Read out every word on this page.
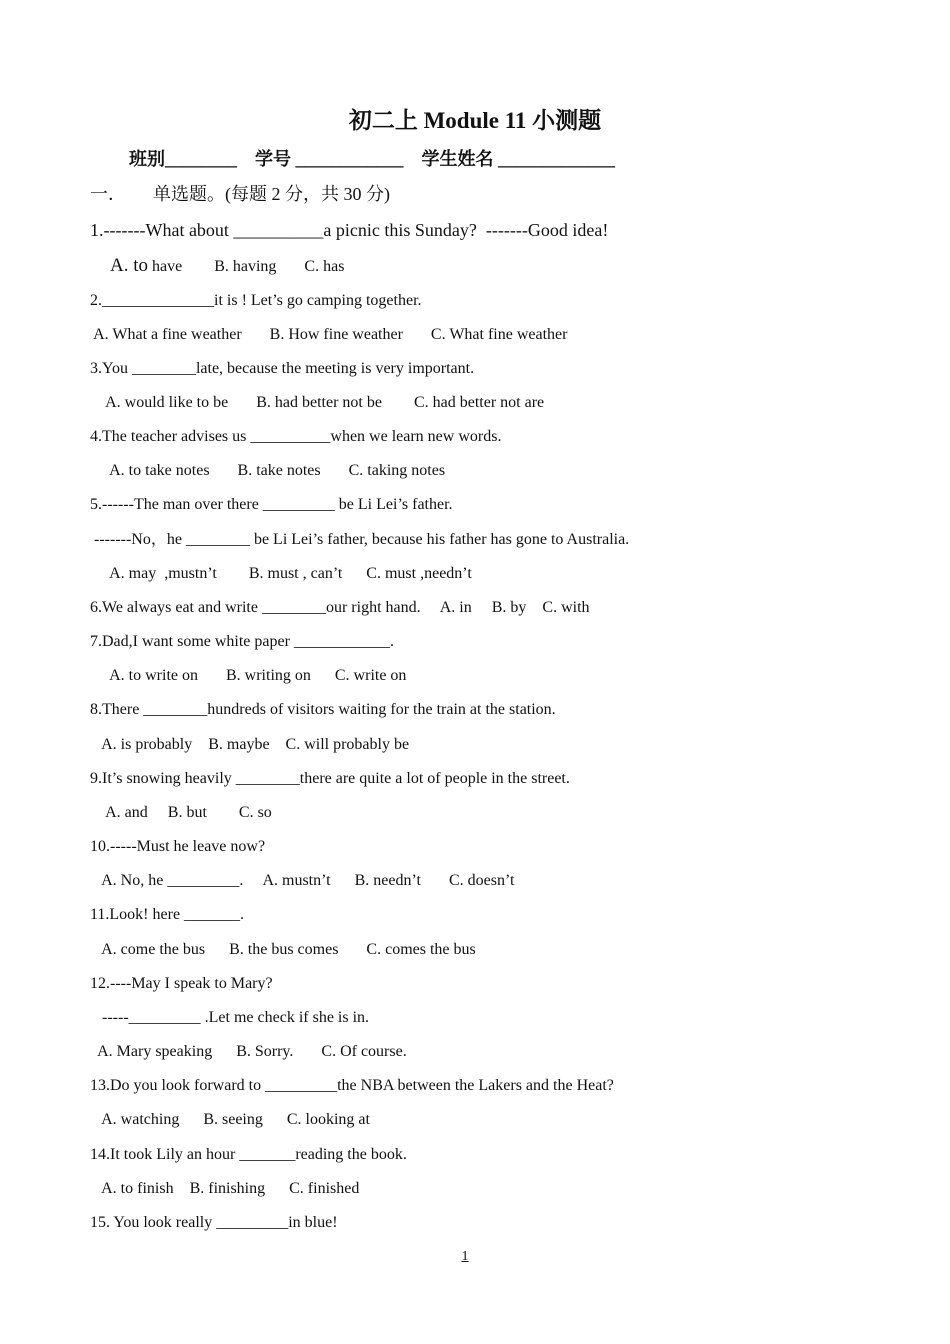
初二上 Module 11 小测题
班别________ 学号 ____________ 学生姓名 _____________
一．　　单选题。(每题 2 分，共 30 分)
1.-------What about __________a picnic this Sunday?  -------Good idea!
A. to have        B. having       C. has
2.______________it is ! Let’s go camping together.
A. What a fine weather       B. How fine weather       C. What fine weather
3.You ________late, because the meeting is very important.
A. would like to be       B. had better not be        C. had better not are
4.The teacher advises us __________when we learn new words.
A. to take notes       B. take notes       C. taking notes
5.------The man over there _________ be Li Lei’s father.
-------No，he ________ be Li Lei’s father, because his father has gone to Australia.
A. may  ,mustn’t        B. must , can’t      C. must ,needn’t
6.We always eat and write ________our right hand.     A. in     B. by    C. with
7.Dad,I want some white paper ____________.
A. to write on       B. writing on      C. write on
8.There ________hundreds of visitors waiting for the train at the station.
A. is probably    B. maybe    C. will probably be
9.It’s snowing heavily ________there are quite a lot of people in the street.
A. and     B. but        C. so
10.-----Must he leave now?
A. No, he _________.     A. mustn’t      B. needn’t       C. doesn’t
11.Look! here _______.
A. come the bus      B. the bus comes       C. comes the bus
12.----May I speak to Mary?
-----_________ .Let me check if she is in.
A. Mary speaking      B. Sorry.       C. Of course.
13.Do you look forward to _________the NBA between the Lakers and the Heat?
A. watching      B. seeing      C. looking at
14.It took Lily an hour _______reading the book.
A. to finish    B. finishing      C. finished
15. You look really _________in blue!
1
